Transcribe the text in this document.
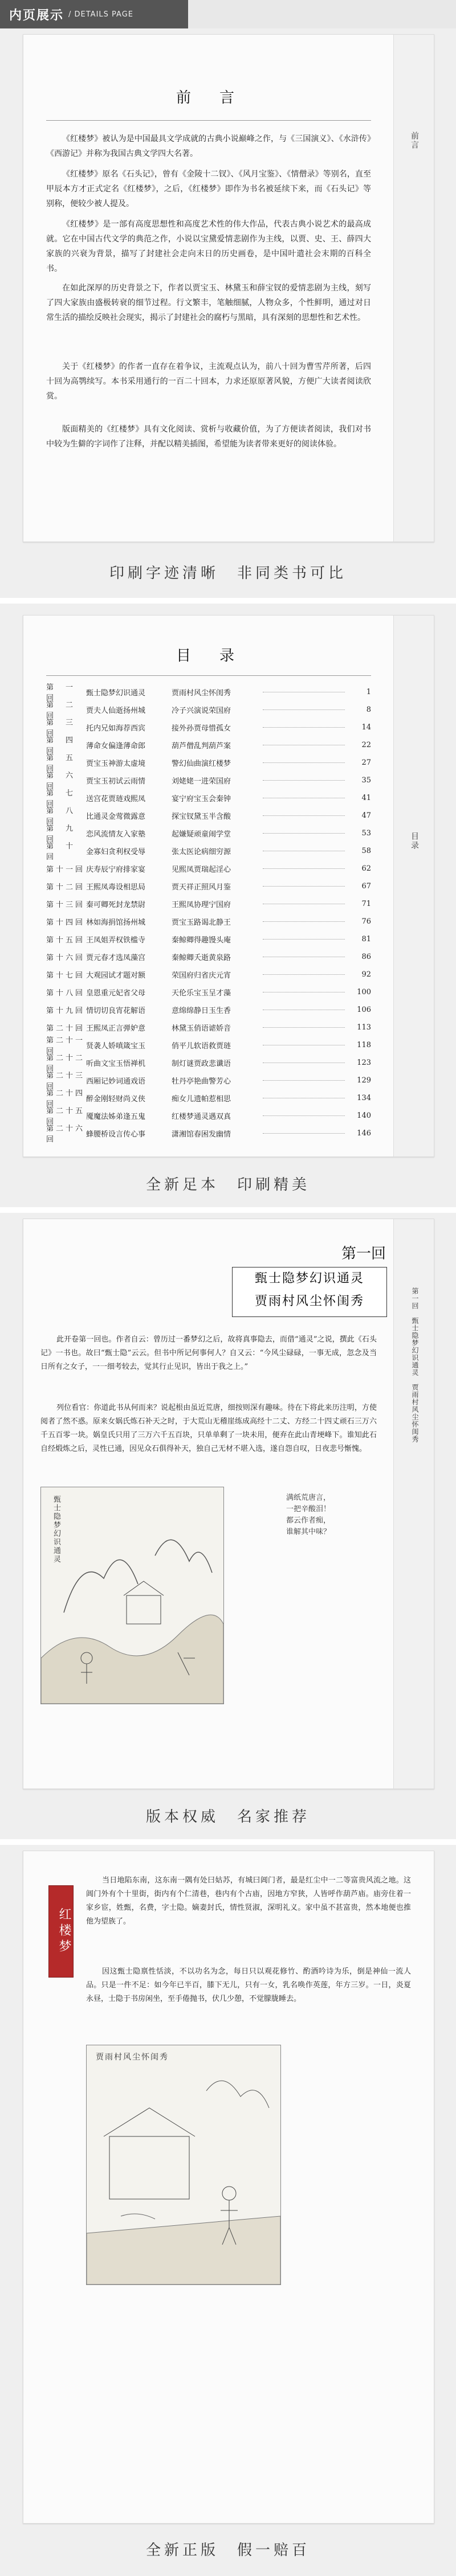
内页展示 / DETAILS PAGE
前　言
《红楼梦》被认为是中国最具文学成就的古典小说巅峰之作，与《三国演义》、《水浒传》《西游记》并称为我国古典文学四大名著。
《红楼梦》原名《石头记》，曾有《金陵十二钗》、《风月宝鉴》、《情僧录》等别名，直至甲辰本方才正式定名《红楼梦》，之后，《红楼梦》即作为书名被延续下来，而《石头记》等别称，便较少被人提及。
《红楼梦》是一部有高度思想性和高度艺术性的伟大作品，代表古典小说艺术的最高成就。它在中国古代文学的典范之作，小说以宝黛爱情悲剧作为主线，以贾、史、王、薛四大家族的兴衰为背景，描写了封建社会走向末日的历史画卷，是中国叶遣社会末期的百科全书。
在如此深厚的历史背景之下，作者以贾宝玉、林黛玉和薛宝钗的爱情悲剧为主线，刻写了四大家族由盛极转衰的细节过程。行文繁丰，笔触细腻，人物众多，个性鲜明，通过对日常生活的描绘反映社会现实，揭示了封建社会的腐朽与黑暗，具有深刻的思想性和艺术性。
关于《红楼梦》的作者一直存在着争议，主流观点认为，前八十回为曹雪芹所著，后四十回为高鹗续写。本书采用通行的一百二十回本，力求还原原著风貌，方便广大读者阅读欣赏。
版面精美的《红楼梦》具有文化阅读、赏析与收藏价值，为了方便读者阅读，我们对书中较为生僻的字词作了注释，并配以精美插图，希望能为读者带来更好的阅读体验。
前言
印刷字迹清晰　非同类书可比
目　录
第　一　回
甄士隐梦幻识通灵	贾雨村风尘怀闺秀	1
第　二　回
贾夫人仙逝扬州城	冷子兴演说荣国府	8
第　三　回
托内兄如海荐西宾	接外孙贾母惜孤女	14
第　四　回
薄命女偏逢薄命郎	葫芦僧乱判葫芦案	22
第　五　回
贾宝玉神游太虚境	警幻仙曲演红楼梦	27
第　六　回
贾宝玉初试云雨情	刘姥姥一进荣国府	35
第　七　回
送宫花贾琏戏熙凤	宴宁府宝玉会秦钟	41
第　八　回
比通灵金莺微露意	探宝钗黛玉半含酸	47
第　九　回
恋风流情友入家塾	起嫌疑顽童闹学堂	53
第　十　回
金寡妇贪利权受辱	张太医论病细穷源	58
第十一回 庆寿辰宁府排家宴	见熙凤贾瑞起淫心	62
第十二回 王熙凤毒设相思局	贾天祥正照风月鉴	67
第十三回 秦可卿死封龙禁尉	王熙凤协理宁国府	71
第十四回 林如海捐馆扬州城	贾宝玉路谒北静王	76
第十五回 王凤姐弄权铁槛寺	秦鲸卿得趣馒头庵	81
第十六回 贾元春才选凤藻宫	秦鲸卿夭逝黄泉路	86
第十七回 大观园试才题对额	荣国府归省庆元宵	92
第十八回 皇恩重元妃省父母	天伦乐宝玉呈才藻	100
第十九回 情切切良宵花解语	意绵绵静日玉生香	106
第二十回 王熙凤正言弹妒意	林黛玉俏语谑娇音	113
第二十一回
贤袭人娇嗔箴宝玉	俏平儿软语救贾琏	118
第二十二回
听曲文宝玉悟禅机	制灯谜贾政悲谶语	123
第二十三回
西厢记妙词通戏语	牡丹亭艳曲警芳心	129
第二十四回
醉金刚轻财尚义侠	痴女儿遗帕惹相思	134
第二十五回
魇魔法姊弟逢五鬼	红楼梦通灵遇双真	140
第二十六回
蜂腰桥设言传心事	潇湘馆春困发幽情	146
目录
全新足本　印刷精美
第一回
甄士隐梦幻识通灵
贾雨村风尘怀闺秀
此开卷第一回也。作者自云：曾历过一番梦幻之后，故将真事隐去，而借“通灵”之说，撰此《石头记》一书也。故曰“甄士隐”云云。但书中所记何事何人？自又云：“今风尘碌碌，一事无成，忽念及当日所有之女子，一一细考较去，觉其行止见识，皆出于我之上。”
列位看官：你道此书从何而来？说起根由虽近荒唐，细按则深有趣味。待在下将此来历注明，方使阅者了然不惑。原来女娲氏炼石补天之时，于大荒山无稽崖练成高经十二丈、方经二十四丈顽石三万六千五百零一块。娲皇氏只用了三万六千五百块，只单单剩了一块未用，便弃在此山青埂峰下。谁知此石自经煅炼之后，灵性已通，因见众石俱得补天，独自己无材不堪入选，遂自怨自叹，日夜悲号惭愧。
甄士隐梦幻识通灵	满纸荒唐言，
一把辛酸泪！
都云作者痴，
谁解其中味？
第一回　甄士隐梦幻识通灵　贾雨村风尘怀闺秀
版本权威　名家推荐
红楼梦
当日地陷东南，这东南一隅有处曰姑苏，有城曰阊门者，最是红尘中一二等富贵风流之地。这阊门外有个十里街，街内有个仁清巷，巷内有个古庙，因地方窄狭，人皆呼作葫芦庙。庙旁住着一家乡宦，姓甄，名费，字士隐。嫡妻封氏，情性贤淑，深明礼义。家中虽不甚富贵，然本地便也推他为望族了。
因这甄士隐禀性恬淡，不以功名为念，每日只以观花修竹、酌酒吟诗为乐，倒是神仙一流人品。只是一件不足：如今年已半百，膝下无儿，只有一女，乳名唤作英莲，年方三岁。一日，炎夏永昼，士隐于书房闲坐，至手倦抛书，伏几少憩，不觉朦胧睡去。
贾雨村风尘怀闺秀
全新正版　假一赔百
